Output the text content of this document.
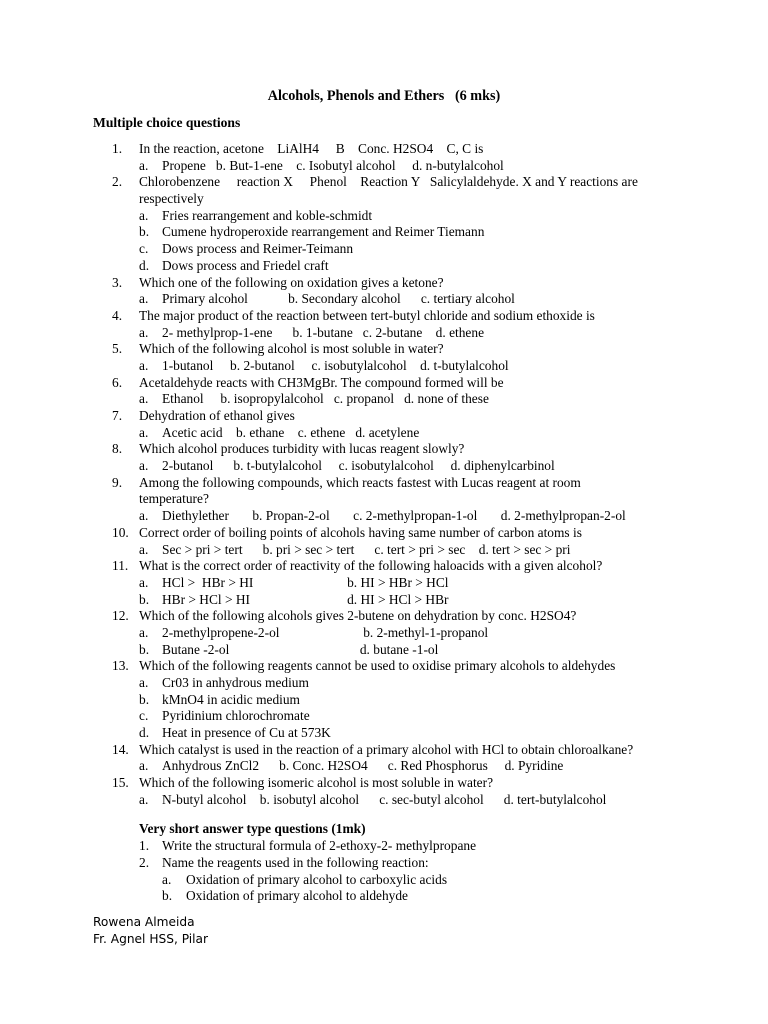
Alcohols, Phenols and Ethers   (6 mks)
Multiple choice questions
1.	In the reaction, acetone    LiAlH4     B    Conc. H2SO4    C, C is
a. Propene   b. But-1-ene    c. Isobutyl alcohol     d. n-butylalcohol
2.	Chlorobenzene     reaction X     Phenol    Reaction Y   Salicylaldehyde. X and Y reactions are
respectively
a. Fries rearrangement and koble-schmidt
b. Cumene hydroperoxide rearrangement and Reimer Tiemann
c. Dows process and Reimer-Teimann
d. Dows process and Friedel craft
3.	Which one of the following on oxidation gives a ketone?
a. Primary alcohol            b. Secondary alcohol      c. tertiary alcohol
4.	The major product of the reaction between tert-butyl chloride and sodium ethoxide is
a. 2- methylprop-1-ene      b. 1-butane   c. 2-butane    d. ethene
5.	Which of the following alcohol is most soluble in water?
a. 1-butanol     b. 2-butanol     c. isobutylalcohol    d. t-butylalcohol
6.	Acetaldehyde reacts with CH3MgBr. The compound formed will be
a. Ethanol     b. isopropylalcohol   c. propanol   d. none of these
7.	Dehydration of ethanol gives
a. Acetic acid    b. ethane    c. ethene   d. acetylene
8.	Which alcohol produces turbidity with lucas reagent slowly?
a. 2-butanol      b. t-butylalcohol     c. isobutylalcohol     d. diphenylcarbinol
9.	Among the following compounds, which reacts fastest with Lucas reagent at room
temperature?
a. Diethylether       b. Propan-2-ol       c. 2-methylpropan-1-ol       d. 2-methylpropan-2-ol
10. Correct order of boiling points of alcohols having same number of carbon atoms is
a. Sec > pri > tert      b. pri > sec > tert      c. tert > pri > sec    d. tert > sec > pri
11. What is the correct order of reactivity of the following haloacids with a given alcohol?
a. HCl >  HBr > HI                            b. HI > HBr > HCl
b. HBr > HCl > HI                             d. HI > HCl > HBr
12. Which of the following alcohols gives 2-butene on dehydration by conc. H2SO4?
a. 2-methylpropene-2-ol                         b. 2-methyl-1-propanol
b. Butane -2-ol                                       d. butane -1-ol
13. Which of the following reagents cannot be used to oxidise primary alcohols to aldehydes
a. Cr03 in anhydrous medium
b. kMnO4 in acidic medium
c. Pyridinium chlorochromate
d. Heat in presence of Cu at 573K
14. Which catalyst is used in the reaction of a primary alcohol with HCl to obtain chloroalkane?
a. Anhydrous ZnCl2      b. Conc. H2SO4      c. Red Phosphorus     d. Pyridine
15. Which of the following isomeric alcohol is most soluble in water?
a. N-butyl alcohol    b. isobutyl alcohol      c. sec-butyl alcohol      d. tert-butylalcohol
Very short answer type questions (1mk)
1. Write the structural formula of 2-ethoxy-2- methylpropane
2. Name the reagents used in the following reaction:
a. Oxidation of primary alcohol to carboxylic acids
b. Oxidation of primary alcohol to aldehyde
Rowena Almeida
Fr. Agnel HSS, Pilar
